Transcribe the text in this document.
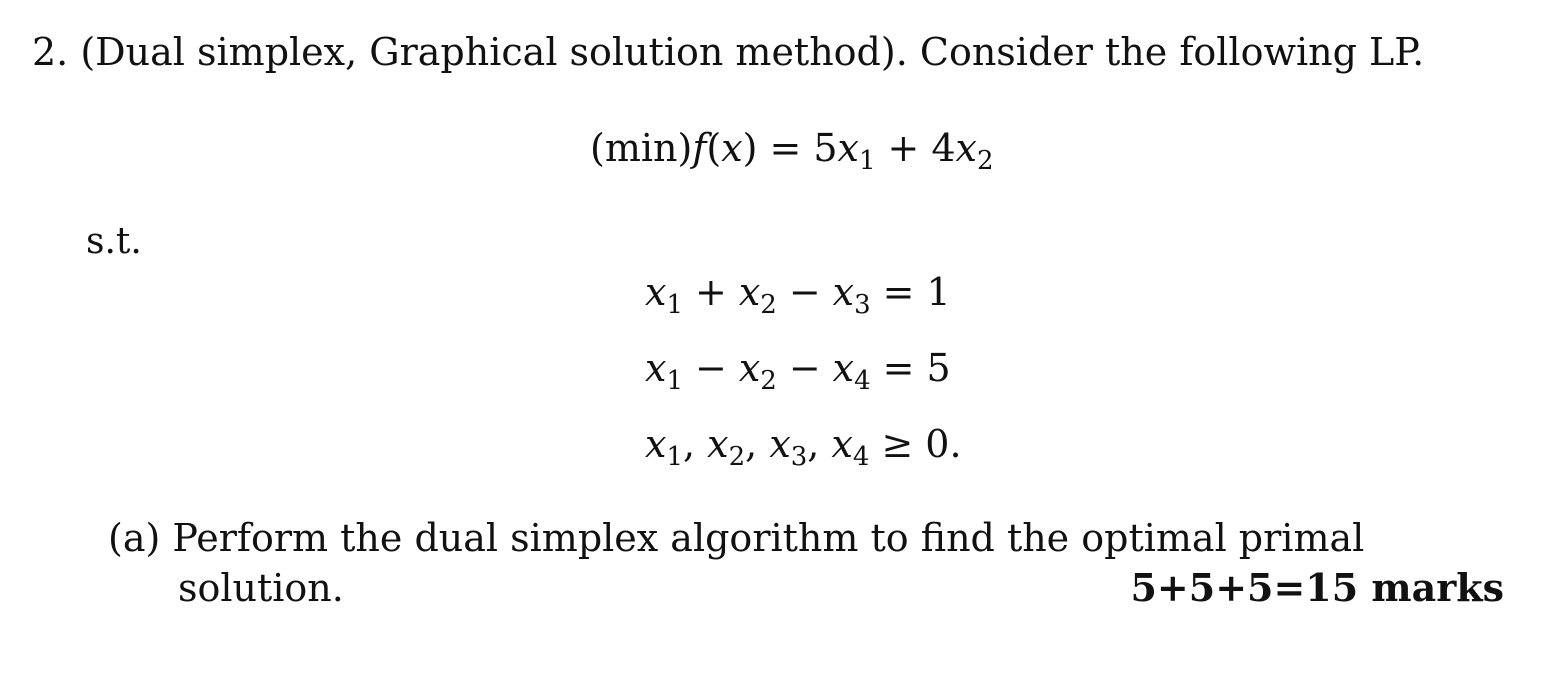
2. (Dual simplex, Graphical solution method). Consider the following LP.
$(\min)f(x) = 5x_1 + 4x_2$
s.t.
$x_1 + x_2 - x_3 = 1$
$x_1 - x_2 - x_4 = 5$
$x_1$, $x_2$, $x_3$, $x_4 \ge 0$.
(a) Perform the dual simplex algorithm to find the optimal primal
solution.	5+5+5=15 marks
